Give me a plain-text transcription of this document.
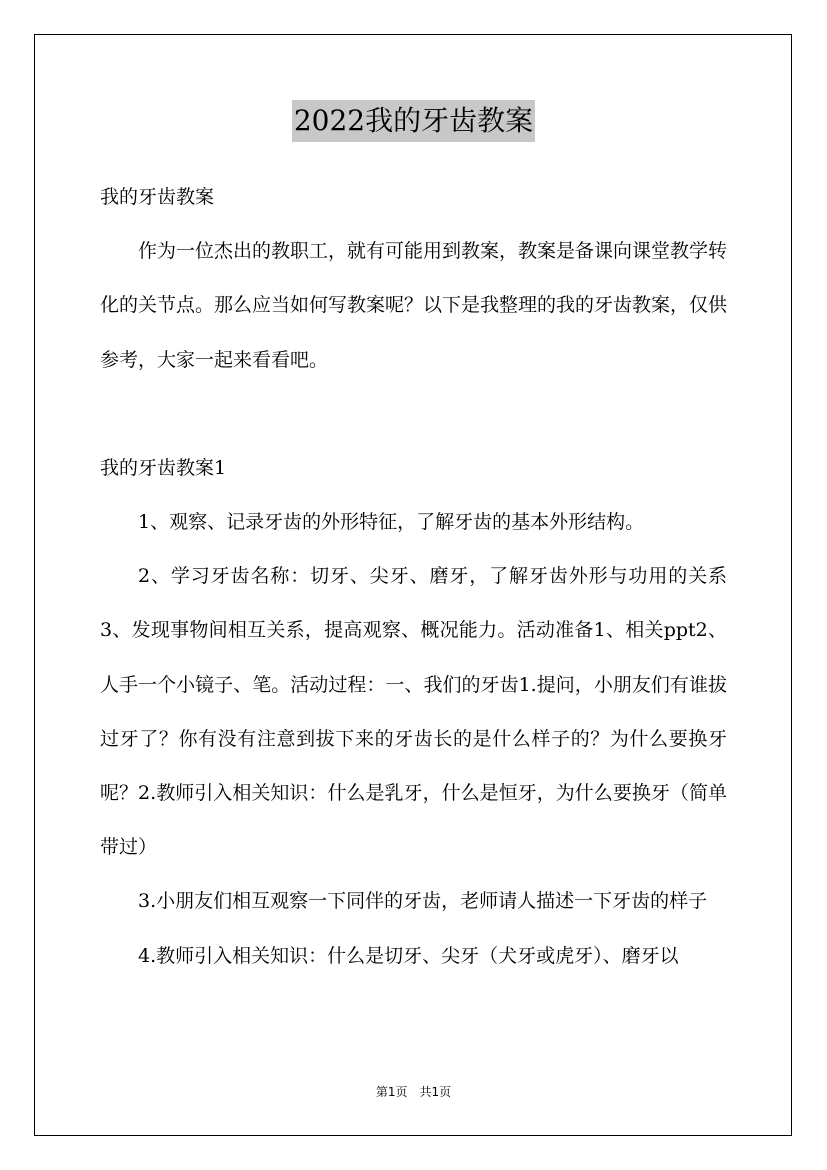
2022我的牙齿教案

我的牙齿教案

作为一位杰出的教职工，就有可能用到教案，教案是备课向课堂教学转化的关节点。那么应当如何写教案呢？以下是我整理的我的牙齿教案，仅供参考，大家一起来看看吧。

我的牙齿教案1

1、观察、记录牙齿的外形特征，了解牙齿的基本外形结构。

2、学习牙齿名称：切牙、尖牙、磨牙，了解牙齿外形与功用的关系3、发现事物间相互关系，提高观察、概况能力。活动准备1、相关ppt2、人手一个小镜子、笔。活动过程：一、我们的牙齿1.提问，小朋友们有谁拔过牙了？你有没有注意到拔下来的牙齿长的是什么样子的？为什么要换牙呢？2.教师引入相关知识：什么是乳牙，什么是恒牙，为什么要换牙（简单带过）

3.小朋友们相互观察一下同伴的牙齿，老师请人描述一下牙齿的样子

4.教师引入相关知识：什么是切牙、尖牙（犬牙或虎牙）、磨牙以

第1页 共1页
